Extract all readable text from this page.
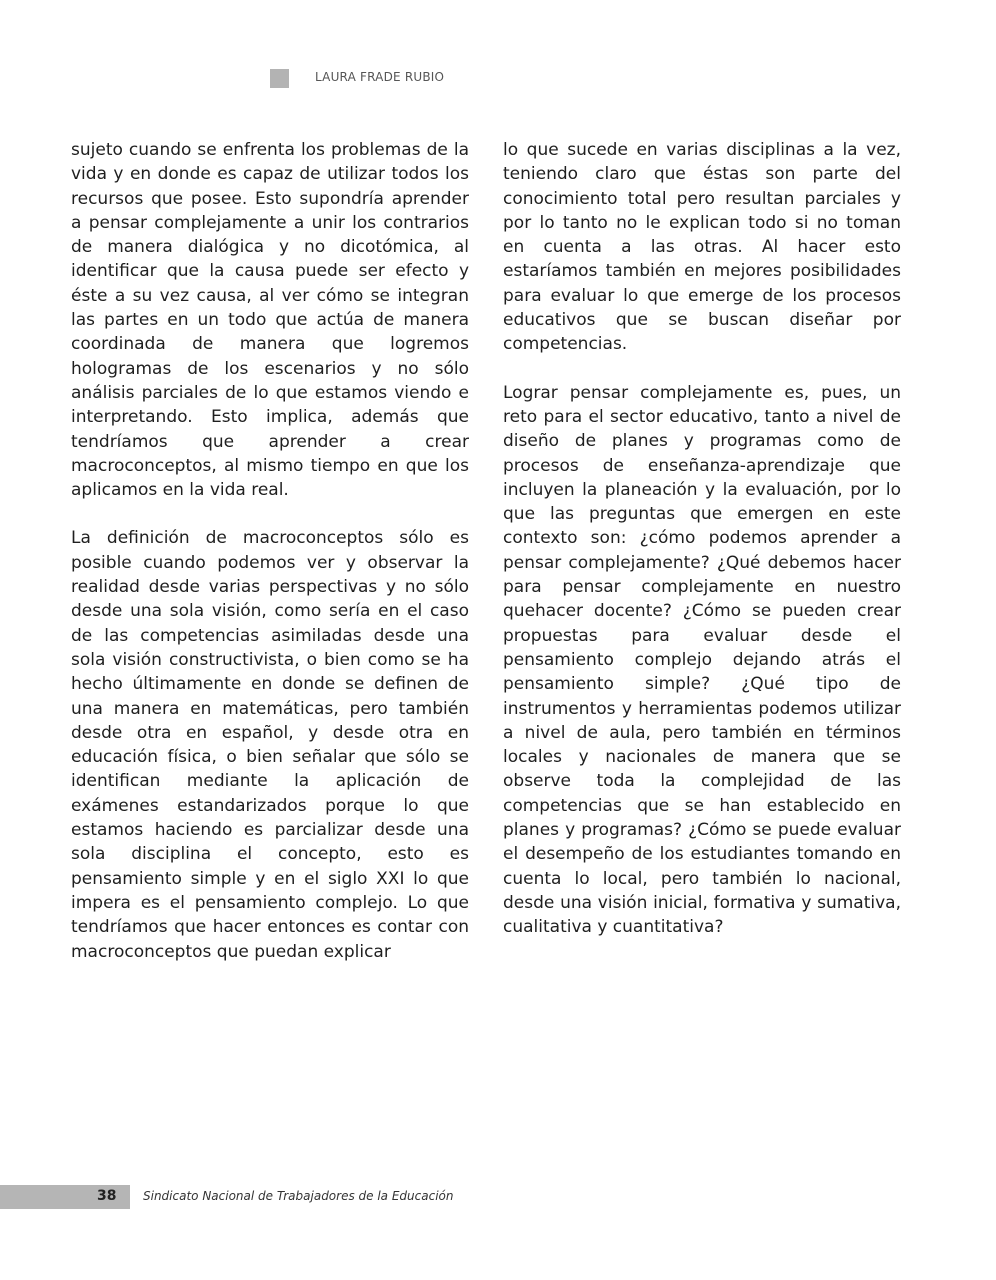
LAURA FRADE RUBIO

sujeto cuando se enfrenta los problemas de la vida y en donde es capaz de utilizar todos los recursos que posee. Esto supondría aprender a pensar complejamente a unir los contrarios de manera dialógica y no dicotómica, al identificar que la causa puede ser efecto y éste a su vez causa, al ver cómo se integran las partes en un todo que actúa de manera coordinada de manera que logremos hologramas de los escenarios y no sólo análisis parciales de lo que estamos viendo e interpretando. Esto implica, además que tendríamos que aprender a crear macroconceptos, al mismo tiempo en que los aplicamos en la vida real.

La definición de macroconceptos sólo es posible cuando podemos ver y observar la realidad desde varias perspectivas y no sólo desde una sola visión, como sería en el caso de las competencias asimiladas desde una sola visión constructivista, o bien como se ha hecho últimamente en donde se definen de una manera en matemáticas, pero también desde otra en español, y desde otra en educación física, o bien señalar que sólo se identifican mediante la aplicación de exámenes estandarizados porque lo que estamos haciendo es parcializar desde una sola disciplina el concepto, esto es pensamiento simple y en el siglo XXI lo que impera es el pensamiento complejo. Lo que tendríamos que hacer entonces es contar con macroconceptos que puedan explicar

lo que sucede en varias disciplinas a la vez, teniendo claro que éstas son parte del conocimiento total pero resultan parciales y por lo tanto no le explican todo si no toman en cuenta a las otras. Al hacer esto estaríamos también en mejores posibilidades para evaluar lo que emerge de los procesos educativos que se buscan diseñar por competencias.

Lograr pensar complejamente es, pues, un reto para el sector educativo, tanto a nivel de diseño de planes y programas como de procesos de enseñanza-aprendizaje que incluyen la planeación y la evaluación, por lo que las preguntas que emergen en este contexto son: ¿cómo podemos aprender a pensar complejamente? ¿Qué debemos hacer para pensar complejamente en nuestro quehacer docente? ¿Cómo se pueden crear propuestas para evaluar desde el pensamiento complejo dejando atrás el pensamiento simple? ¿Qué tipo de instrumentos y herramientas podemos utilizar a nivel de aula, pero también en términos locales y nacionales de manera que se observe toda la complejidad de las competencias que se han establecido en planes y programas? ¿Cómo se puede evaluar el desempeño de los estudiantes tomando en cuenta lo local, pero también lo nacional, desde una visión inicial, formativa y sumativa, cualitativa y cuantitativa?

38 Sindicato Nacional de Trabajadores de la Educación
